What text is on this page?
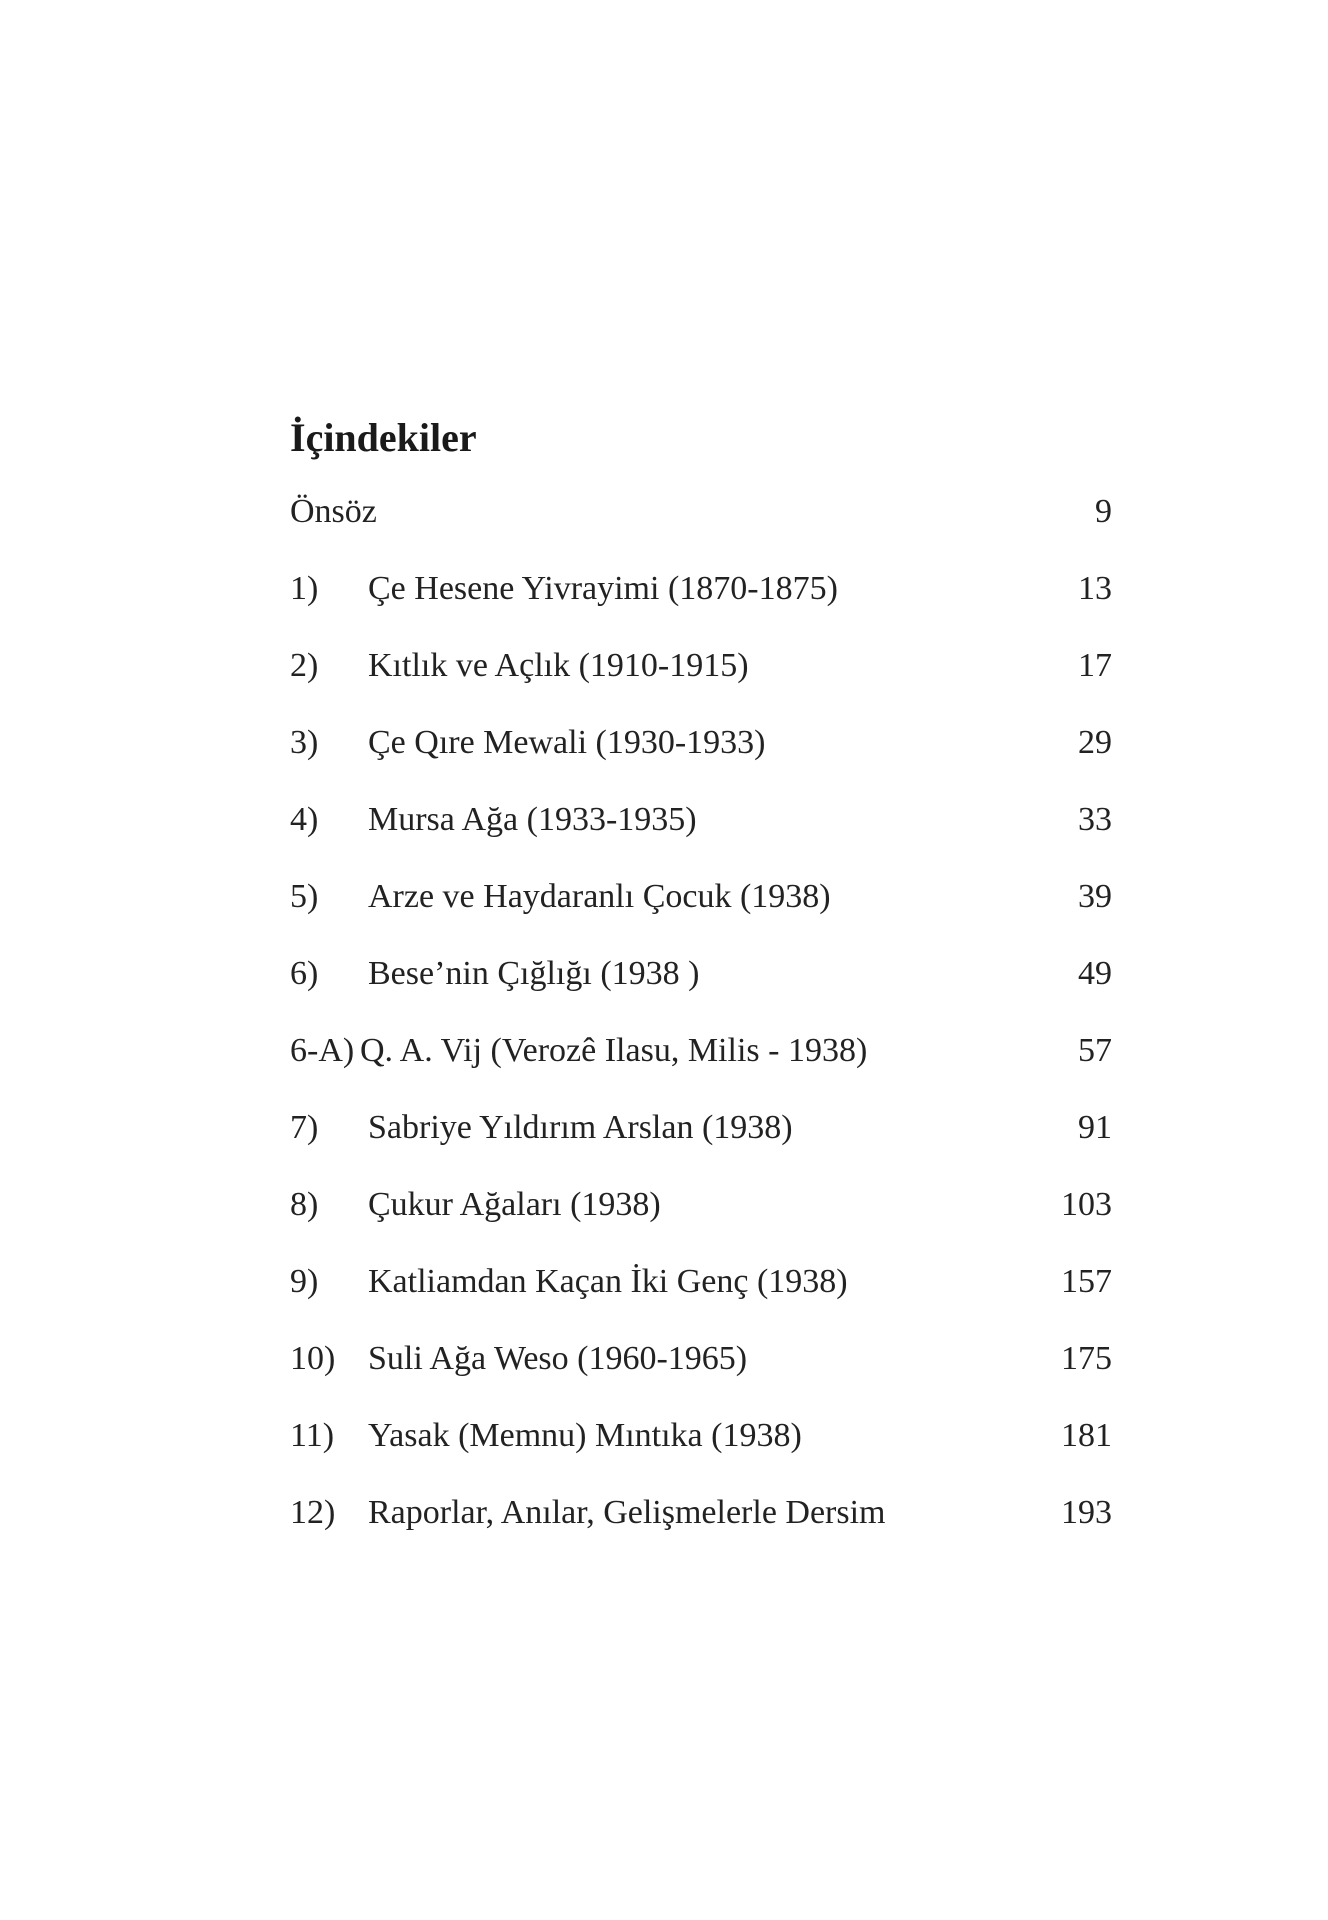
İçindekiler
Önsöz	9
1) Çe Hesene Yivrayimi (1870-1875)	13
2) Kıtlık ve Açlık (1910-1915)	17
3) Çe Qıre Mewali (1930-1933)	29
4) Mursa Ağa (1933-1935)	33
5) Arze ve Haydaranlı Çocuk (1938)	39
6) Bese’nin Çığlığı (1938 )	49
6-A) Q. A. Vij (Verozê Ilasu, Milis - 1938)	57
7) Sabriye Yıldırım Arslan (1938)	91
8) Çukur Ağaları (1938)	103
9) Katliamdan Kaçan İki Genç (1938)	157
10) Suli Ağa Weso (1960-1965)	175
11) Yasak (Memnu) Mıntıka (1938)	181
12) Raporlar, Anılar, Gelişmelerle Dersim	193
